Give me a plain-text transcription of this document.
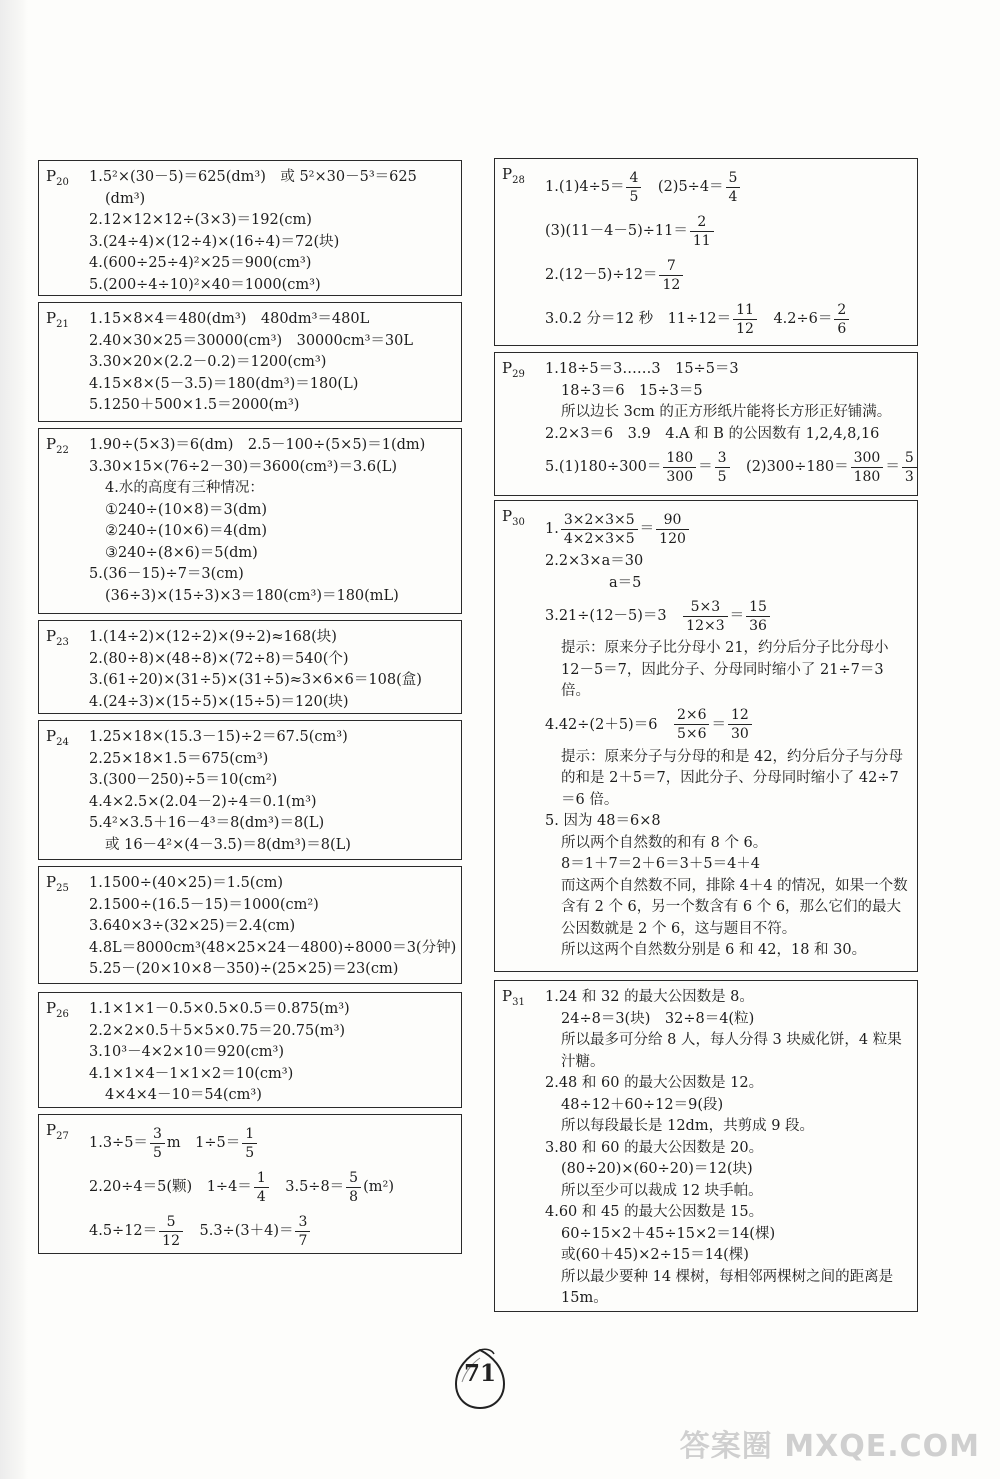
$P_{20}$ 1.5²×(30－5)＝625(dm³)　或 5²×30－5³＝625
(dm³)
2.12×12×12÷(3×3)＝192(cm)
3.(24÷4)×(12÷4)×(16÷4)＝72(块)
4.(600÷25÷4)²×25＝900(cm³)
5.(200÷4÷10)²×40＝1000(cm³)
$P_{21}$ 1.15×8×4＝480(dm³)　480dm³＝480L
2.40×30×25＝30000(cm³)　30000cm³＝30L
3.30×20×(2.2－0.2)＝1200(cm³)
4.15×8×(5－3.5)＝180(dm³)＝180(L)
5.1250＋500×1.5＝2000(m³)
$P_{22}$ 1.90÷(5×3)＝6(dm)　2.5－100÷(5×5)＝1(dm)
3.30×15×(76÷2－30)＝3600(cm³)＝3.6(L)
4.水的高度有三种情况：
①240÷(10×8)＝3(dm)
②240÷(10×6)＝4(dm)
③240÷(8×6)＝5(dm)
5.(36－15)÷7＝3(cm)
(36÷3)×(15÷3)×3＝180(cm³)＝180(mL)
$P_{23}$ 1.(14÷2)×(12÷2)×(9÷2)≈168(块)
2.(80÷8)×(48÷8)×(72÷8)＝540(个)
3.(61÷20)×(31÷5)×(31÷5)≈3×6×6＝108(盒)
4.(24÷3)×(15÷5)×(15÷5)＝120(块)
$P_{24}$ 1.25×18×(15.3－15)÷2＝67.5(cm³)
2.25×18×1.5＝675(cm³)
3.(300－250)÷5＝10(cm²)
4.4×2.5×(2.04－2)÷4＝0.1(m³)
5.4²×3.5＋16－4³＝8(dm³)＝8(L)
或 16－4²×(4－3.5)＝8(dm³)＝8(L)
$P_{25}$ 1.1500÷(40×25)＝1.5(cm)
2.1500÷(16.5－15)＝1000(cm²)
3.640×3÷(32×25)＝2.4(cm)
4.8L＝8000cm³(48×25×24－4800)÷8000＝3(分钟)
5.25－(20×10×8－350)÷(25×25)＝23(cm)
$P_{26}$ 1.1×1×1－0.5×0.5×0.5＝0.875(m³)
2.2×2×0.5＋5×5×0.75＝20.75(m³)
3.10³－4×2×10＝920(cm³)
4.1×1×4－1×1×2＝10(cm³)
4×4×4－10＝54(cm³)
$P_{27}$ $1.3\div 5= \frac{3}{5}$ m　$1\div 5= \frac{1}{5}$
2.20÷4＝5(颗)　$1\div 4= \frac{1}{4}$ 　$3.5\div 8= \frac{5}{8} (m^2)$
$4.5\div 12= \frac{5}{12}$ 　$5.3\div(3+4)= \frac{3}{7}$
$P_{28}$ $1.(1)4\div 5= \frac{4}{5}$ 　$(2)5\div 4= \frac{5}{4}$
$(3)(11-4-5)\div 11= \frac{2}{11}$
$2.(12-5)\div 12= \frac{7}{12}$
3.0.2 分＝12 秒　$11\div 12= \frac{11}{12}$ 　$4.2\div 6= \frac{2}{6}$
$P_{29}$ 1.18÷5＝3……3　15÷5＝3
18÷3＝6　15÷3＝5
所以边长 3cm 的正方形纸片能将长方形正好铺满。
2.2×3＝6　3.9　4.A 和 B 的公因数有 1,2,4,8,16
$5.(1)180\div 300= \frac{180}{300} = \frac{3}{5}$ 　$(2)300\div 180= \frac{300}{180} = \frac{5}{3}$
$P_{30}$ 1. $\frac{3\times 2\times 3\times 5}{4\times 2\times 3\times 5} = \frac{90}{120}$
2.2×3×a＝30
a＝5
3.21÷(12－5)＝3　 $\frac{5\times 3}{12\times 3} = \frac{15}{36}$
提示：原来分子比分母小 21，约分后分子比分母小 12－5＝7，因此分子、分母同时缩小了 21÷7＝3 倍。
4.42÷(2＋5)＝6　 $\frac{2\times 6}{5\times 6} = \frac{12}{30}$
提示：原来分子与分母的和是 42，约分后分子与分母的和是 2＋5＝7，因此分子、分母同时缩小了 42÷7＝6 倍。
5. 因为 48＝6×8
所以两个自然数的和有 8 个 6。
8＝1＋7＝2＋6＝3＋5＝4＋4
而这两个自然数不同，排除 4＋4 的情况，如果一个数含有 2 个 6，另一个数含有 6 个 6，那么它们的最大公因数就是 2 个 6，这与题目不符。
所以这两个自然数分别是 6 和 42，18 和 30。
$P_{31}$ 1.24 和 32 的最大公因数是 8。
24÷8＝3(块)　32÷8＝4(粒)
所以最多可分给 8 人，每人分得 3 块威化饼，4 粒果汁糖。
2.48 和 60 的最大公因数是 12。
48÷12＋60÷12＝9(段)
所以每段最长是 12dm，共剪成 9 段。
3.80 和 60 的最大公因数是 20。
(80÷20)×(60÷20)＝12(块)
所以至少可以裁成 12 块手帕。
4.60 和 45 的最大公因数是 15。
60÷15×2＋45÷15×2＝14(棵)
或(60＋45)×2÷15＝14(棵)
所以最少要种 14 棵树，每相邻两棵树之间的距离是 15m。
71
答案圈 MXQE.COM
